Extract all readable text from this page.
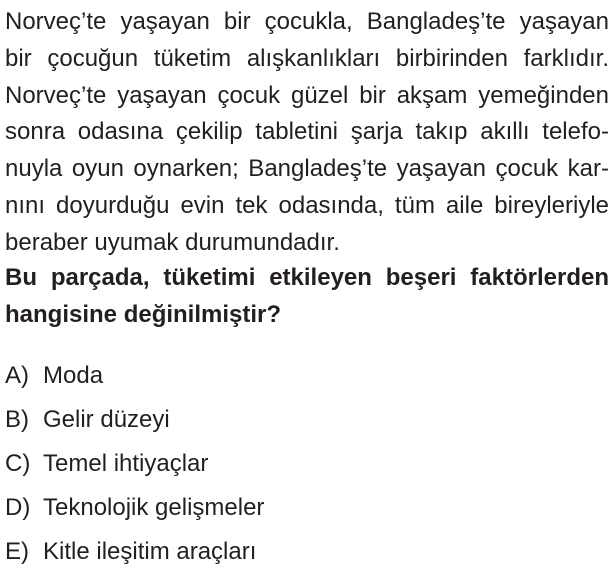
Norveç’te yaşayan bir çocukla, Bangladeş’te yaşayan
bir çocuğun tüketim alışkanlıkları birbirinden farklıdır.
Norveç’te yaşayan çocuk güzel bir akşam yemeğinden
sonra odasına çekilip tabletini şarja takıp akıllı telefo-
nuyla oyun oynarken; Bangladeş’te yaşayan çocuk kar-
nını doyurduğu evin tek odasında, tüm aile bireyleriyle
beraber uyumak durumundadır.
Bu parçada, tüketimi etkileyen beşeri faktörlerden
hangisine değinilmiştir?
A) Moda
B) Gelir düzeyi
C) Temel ihtiyaçlar
D) Teknolojik gelişmeler
E) Kitle ileşitim araçları
